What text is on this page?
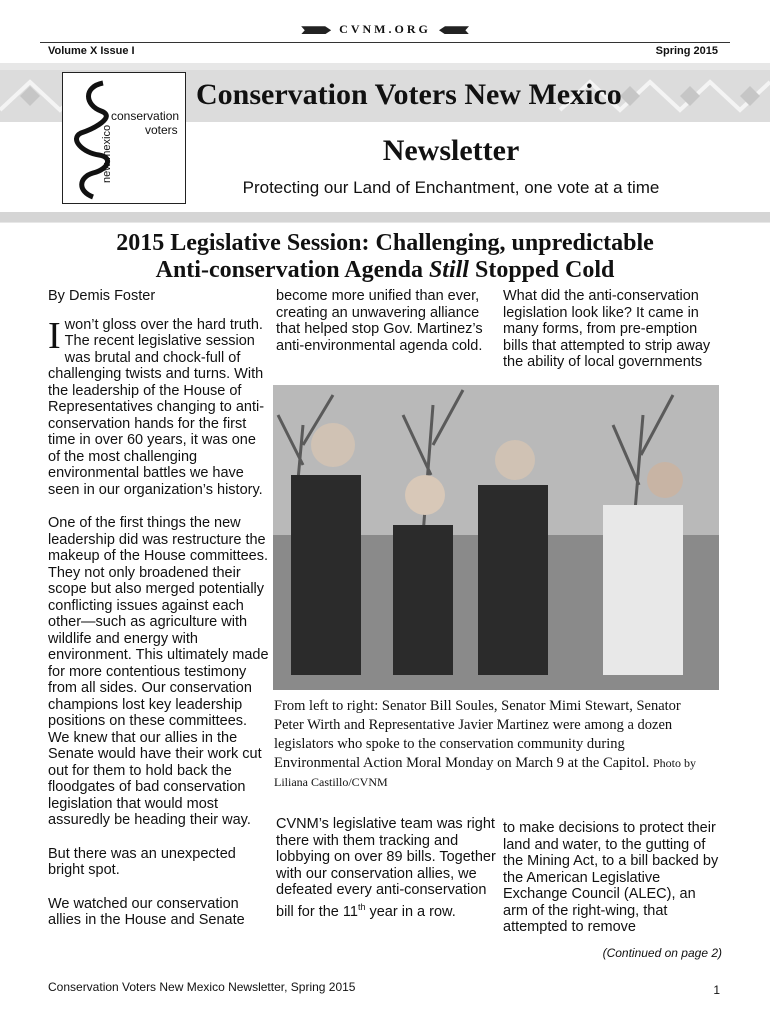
CVNM.ORG
Volume X Issue I	Spring 2015
conservation
voters
new mexico
Conservation Voters New Mexico
Newsletter
Protecting our Land of Enchantment, one vote at a time
2015 Legislative Session: Challenging, unpredictable
Anti-conservation Agenda Still Stopped Cold

By Demis Foster

Iwon’t gloss over the hard truth. The recent legislative session was brutal and chock-full of challenging twists and turns. With the leadership of the House of Representatives changing to anti-conservation hands for the first time in over 60 years, it was one of the most challenging environmental battles we have seen in our organization’s history.

One of the first things the new leadership did was restructure the makeup of the House committees. They not only broadened their scope but also merged potentially conflicting issues against each other—such as agriculture with wildlife and energy with environment. This ultimately made for more contentious testimony from all sides. Our conservation champions lost key leadership positions on these committees. We knew that our allies in the Senate would have their work cut out for them to hold back the floodgates of bad conservation legislation that would most assuredly be heading their way.

But there was an unexpected bright spot.

We watched our conservation allies in the House and Senate

become more unified than ever, creating an unwavering alliance that helped stop Gov. Martinez’s anti-environmental agenda cold.
What did the anti-conservation legislation look like? It came in many forms, from pre-emption bills that attempted to strip away the ability of local governments
From left to right: Senator Bill Soules, Senator Mimi Stewart, Senator Peter Wirth and Representative Javier Martinez were among a dozen legislators who spoke to the conservation community during Environmental Action Moral Monday on March 9 at the Capitol. Photo by Liliana Castillo/CVNM
CVNM’s legislative team was right there with them tracking and lobbying on over 89 bills. Together with our conservation allies, we defeated every anti-conservation bill for the 11th year in a row.
to make decisions to protect their land and water, to the gutting of the Mining Act, to a bill backed by the American Legislative Exchange Council (ALEC), an arm of the right-wing, that attempted to remove
(Continued on page 2)
Conservation Voters New Mexico Newsletter, Spring 2015	1
